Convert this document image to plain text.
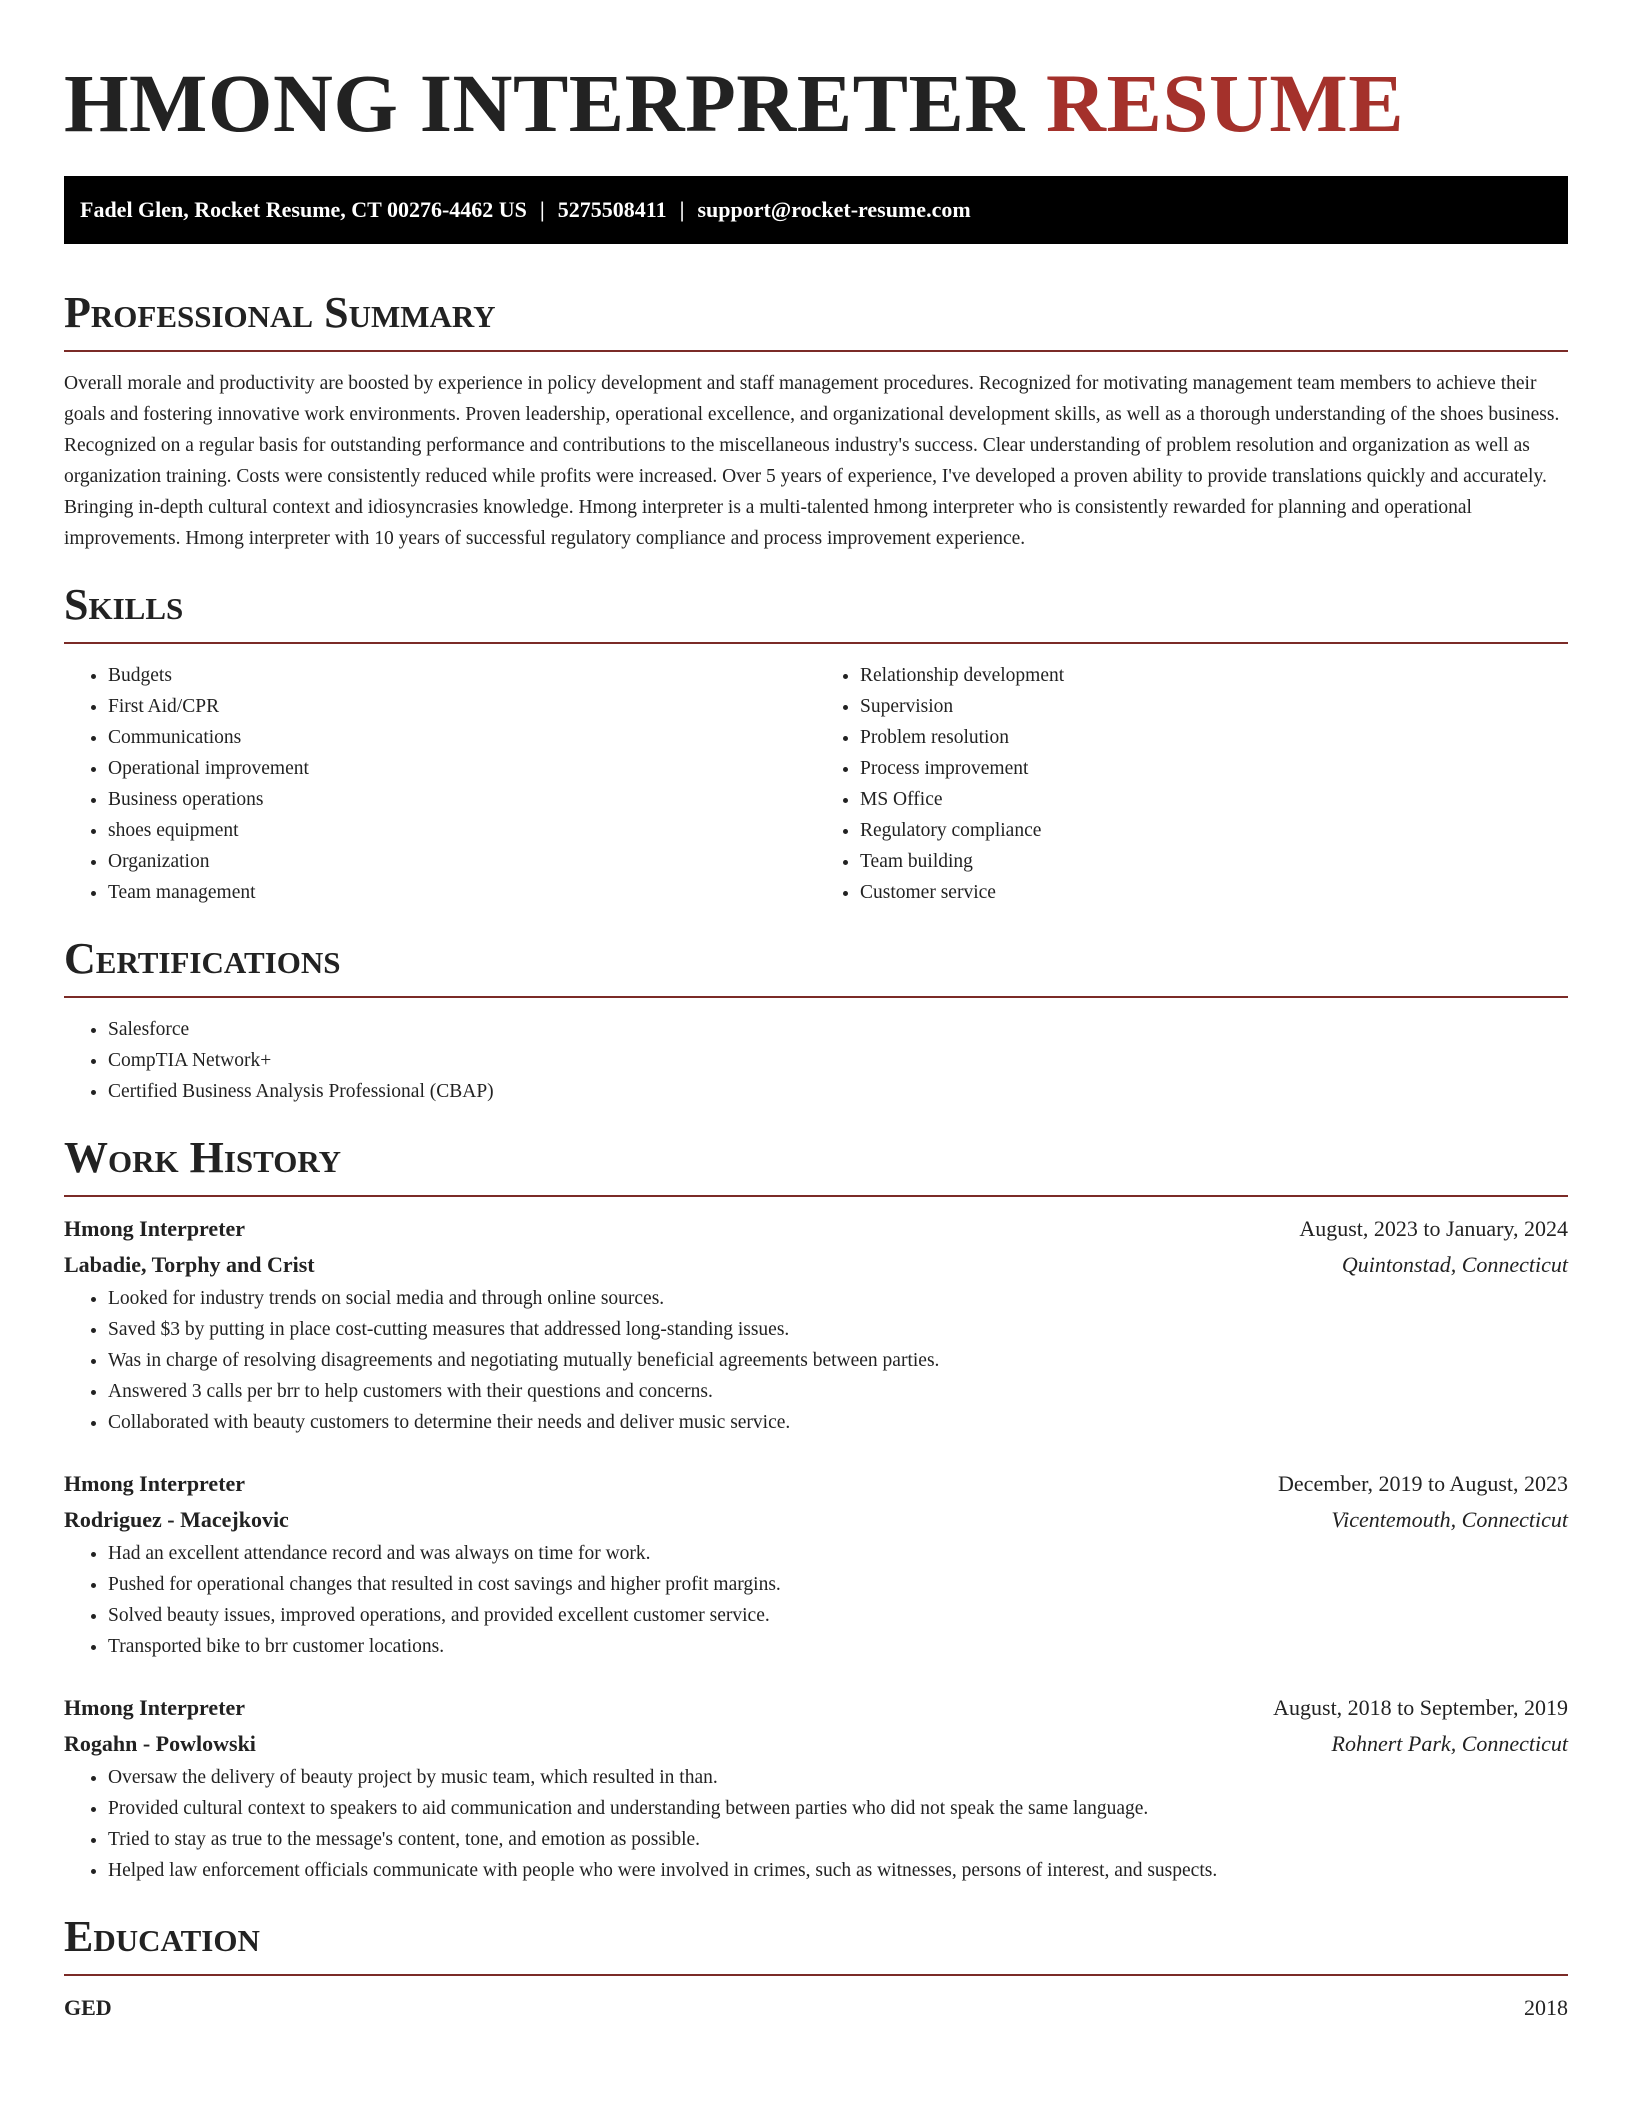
HMONG INTERPRETER RESUME
Fadel Glen, Rocket Resume, CT 00276-4462 US | 5275508411 | support@rocket-resume.com
Professional Summary

Overall morale and productivity are boosted by experience in policy development and staff management procedures. Recognized for motivating management team members to achieve their goals and fostering innovative work environments. Proven leadership, operational excellence, and organizational development skills, as well as a thorough understanding of the shoes business. Recognized on a regular basis for outstanding performance and contributions to the miscellaneous industry's success. Clear understanding of problem resolution and organization as well as organization training. Costs were consistently reduced while profits were increased. Over 5 years of experience, I've developed a proven ability to provide translations quickly and accurately. Bringing in-depth cultural context and idiosyncrasies knowledge. Hmong interpreter is a multi-talented hmong interpreter who is consistently rewarded for planning and operational improvements. Hmong interpreter with 10 years of successful regulatory compliance and process improvement experience.

Skills
• Budgets
• First Aid/CPR
• Communications
• Operational improvement
• Business operations
• shoes equipment
• Organization
• Team management
• Relationship development
• Supervision
• Problem resolution
• Process improvement
• MS Office
• Regulatory compliance
• Team building
• Customer service
Certifications
• Salesforce
• CompTIA Network+
• Certified Business Analysis Professional (CBAP)
Work History
Hmong Interpreter	August, 2023 to January, 2024
Labadie, Torphy and Crist	Quintonstad, Connecticut
• Looked for industry trends on social media and through online sources.
• Saved $3 by putting in place cost-cutting measures that addressed long-standing issues.
• Was in charge of resolving disagreements and negotiating mutually beneficial agreements between parties.
• Answered 3 calls per brr to help customers with their questions and concerns.
• Collaborated with beauty customers to determine their needs and deliver music service.
Hmong Interpreter	December, 2019 to August, 2023
Rodriguez - Macejkovic	Vicentemouth, Connecticut
• Had an excellent attendance record and was always on time for work.
• Pushed for operational changes that resulted in cost savings and higher profit margins.
• Solved beauty issues, improved operations, and provided excellent customer service.
• Transported bike to brr customer locations.
Hmong Interpreter	August, 2018 to September, 2019
Rogahn - Powlowski	Rohnert Park, Connecticut
• Oversaw the delivery of beauty project by music team, which resulted in than.
• Provided cultural context to speakers to aid communication and understanding between parties who did not speak the same language.
• Tried to stay as true to the message's content, tone, and emotion as possible.
• Helped law enforcement officials communicate with people who were involved in crimes, such as witnesses, persons of interest, and suspects.
Education
GED	2018
